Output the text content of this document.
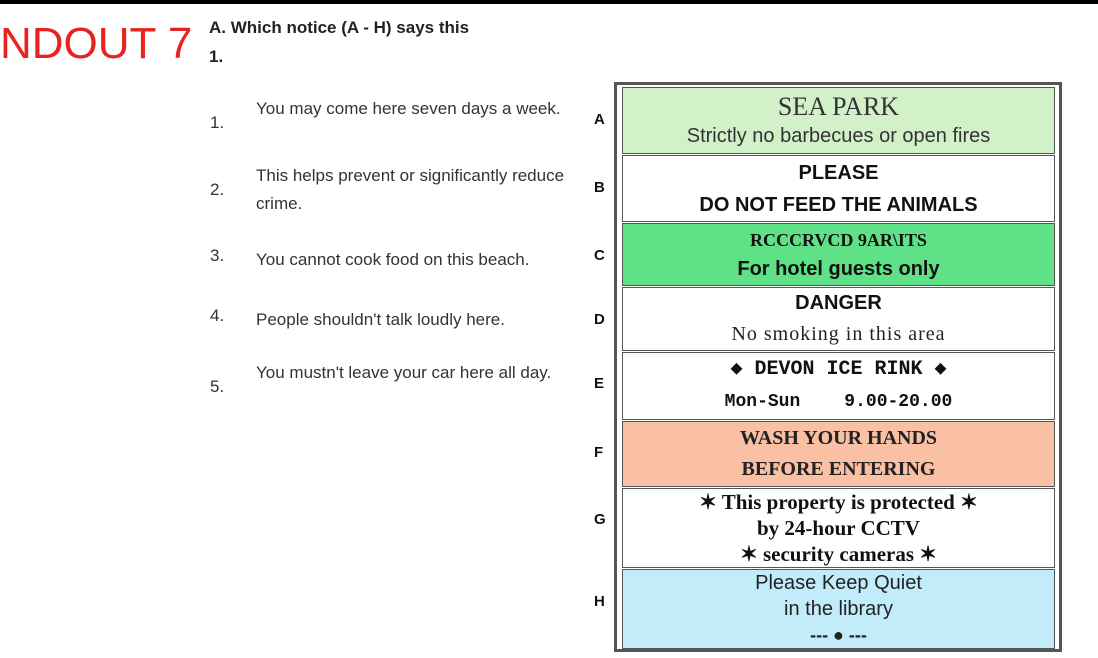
NDOUT 7 A. Which notice (A - H) says this
1.
1.
You may come here seven days a week.
2.
This helps prevent or significantly reduce crime.
3. You cannot cook food on this beach.
4. People shouldn't talk loudly here.
5.
You mustn't leave your car here all day.
A
B
C
D
E
F
G
H
SEA PARK
Strictly no barbecues or open fires
PLEASE
DO NOT FEED THE ANIMALS
RCCCRVCD 9AR\ITS
For hotel guests only
DANGER
No smoking in this area
◆ DEVON ICE RINK ◆
Mon-Sun 9.00-20.00
WASH YOUR HANDS
BEFORE ENTERING
✶ This property is protected ✶
by 24-hour CCTV
✶ security cameras ✶
Please Keep Quiet
in the library
--- ● ---
